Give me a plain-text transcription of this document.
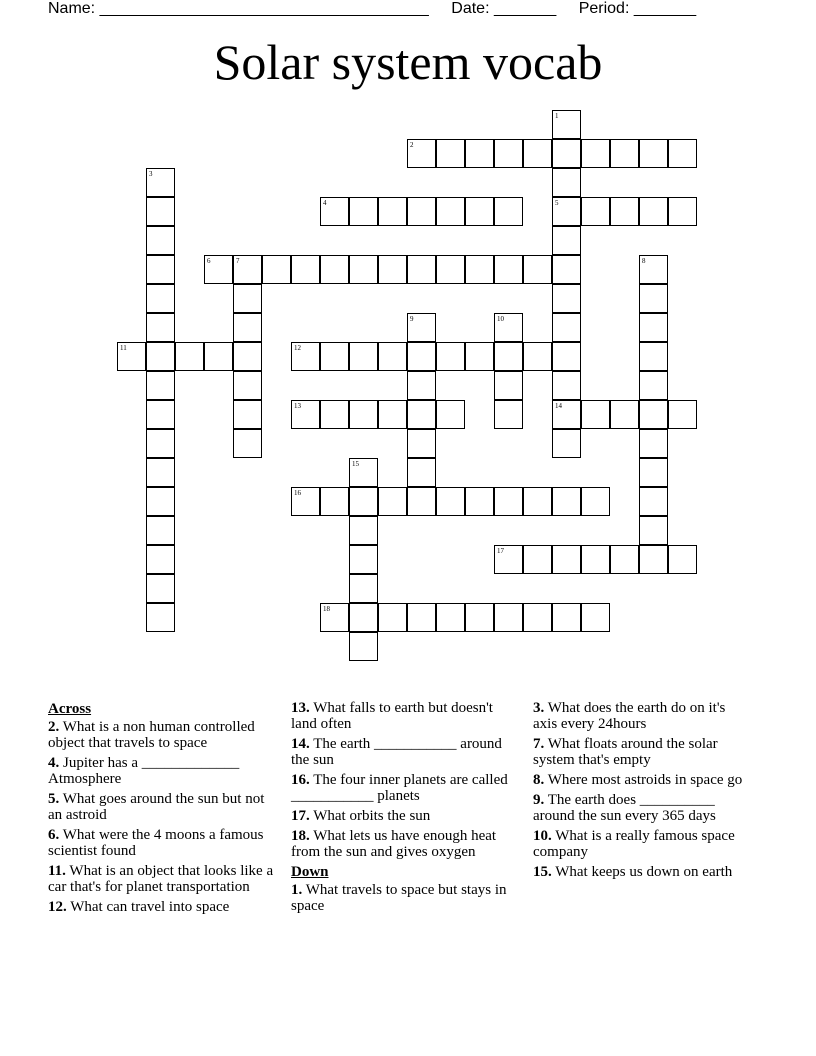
Name: _____________________________________ Date: _______ Period: _______
Solar system vocab
1
5
14
2
3
4
6	7	8
9	10
11	12
13
15
16
17
18
Across
2. What is a non human controlled object that travels to space
4. Jupiter has a _____________ Atmosphere
5. What goes around the sun but not an astroid
6. What were the 4 moons a famous scientist found
11. What is an object that looks like a car that's for planet transportation
12. What can travel into space
13. What falls to earth but doesn't land often
14. The earth ___________ around the sun
16. The four inner planets are called ___________ planets
17. What orbits the sun
18. What lets us have enough heat from the sun and gives oxygen
Down
1. What travels to space but stays in space
3. What does the earth do on it's axis every 24hours
7. What floats around the solar system that's empty
8. Where most astroids in space go
9. The earth does __________ around the sun every 365 days
10. What is a really famous space company
15. What keeps us down on earth
